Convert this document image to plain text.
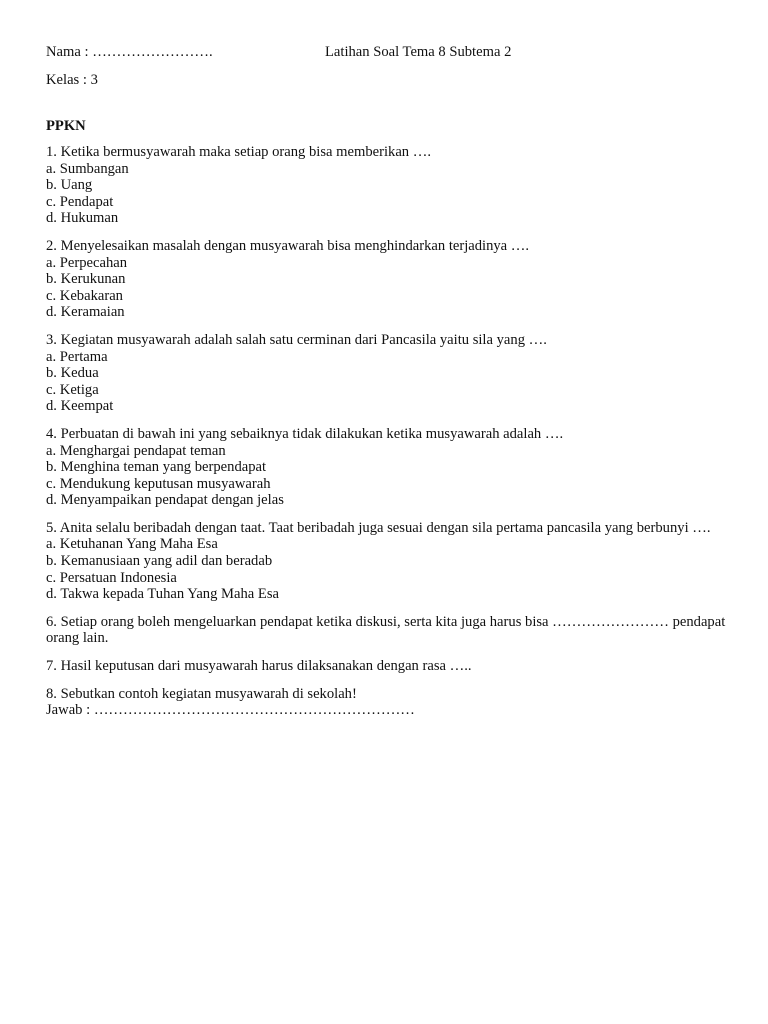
Nama : …………………….	Latihan Soal Tema 8 Subtema 2
Kelas : 3
PPKN
1. Ketika bermusyawarah maka setiap orang bisa memberikan ….
a. Sumbangan
b. Uang
c. Pendapat
d. Hukuman
2. Menyelesaikan masalah dengan musyawarah bisa menghindarkan terjadinya ….
a. Perpecahan
b. Kerukunan
c. Kebakaran
d. Keramaian
3. Kegiatan musyawarah adalah salah satu cerminan dari Pancasila yaitu sila yang ….
a. Pertama
b. Kedua
c. Ketiga
d. Keempat
4. Perbuatan di bawah ini yang sebaiknya tidak dilakukan ketika musyawarah adalah ….
a. Menghargai pendapat teman
b. Menghina teman yang berpendapat
c. Mendukung keputusan musyawarah
d. Menyampaikan pendapat dengan jelas
5. Anita selalu beribadah dengan taat. Taat beribadah juga sesuai dengan sila pertama pancasila yang berbunyi ….
a. Ketuhanan Yang Maha Esa
b. Kemanusiaan yang adil dan beradab
c. Persatuan Indonesia
d. Takwa kepada Tuhan Yang Maha Esa
6. Setiap orang boleh mengeluarkan pendapat ketika diskusi, serta kita juga harus bisa …………………… pendapat orang lain.
7. Hasil keputusan dari musyawarah harus dilaksanakan dengan rasa …..
8. Sebutkan contoh kegiatan musyawarah di sekolah!
Jawab : …………………………………………………………
